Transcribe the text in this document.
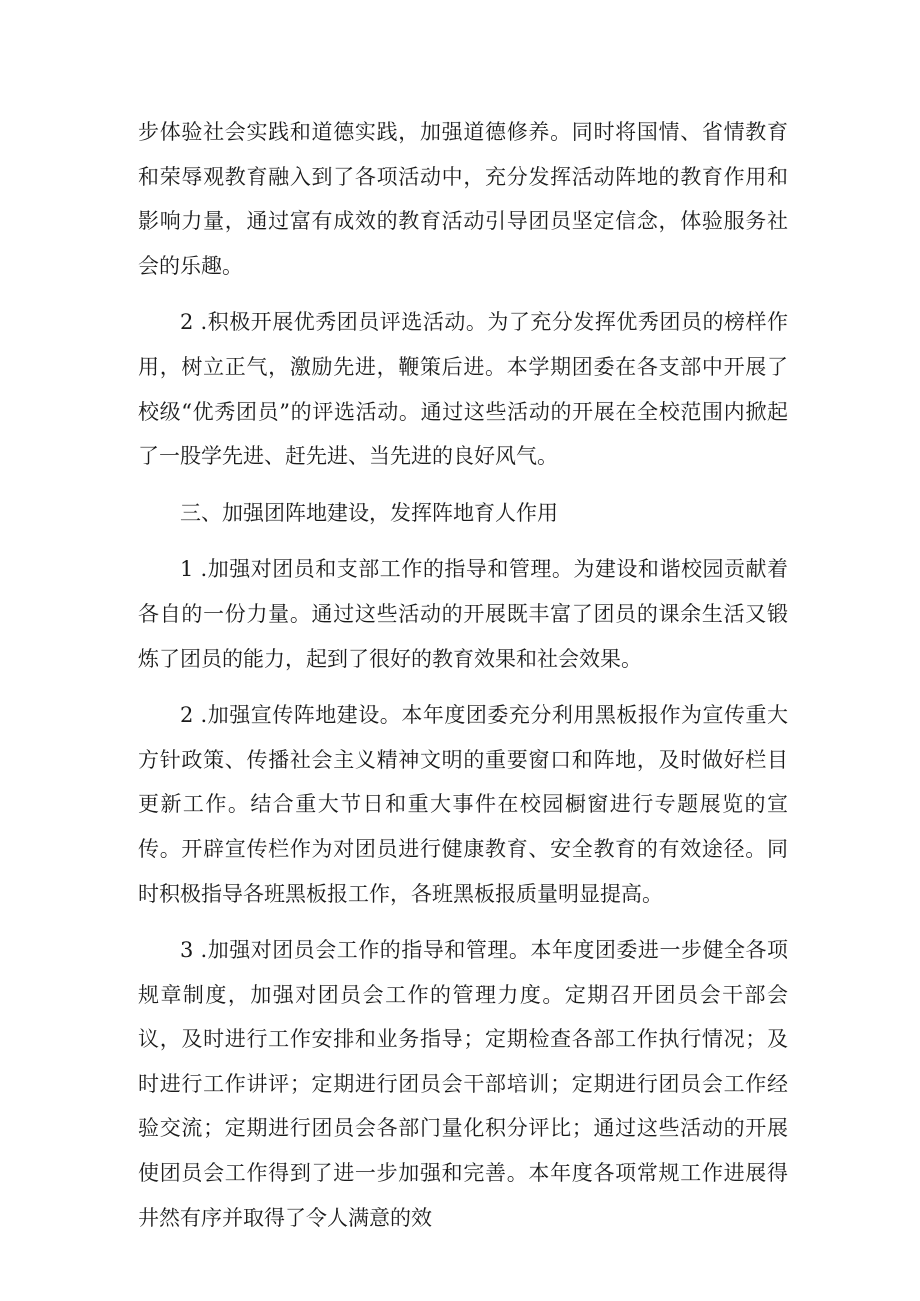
步体验社会实践和道德实践，加强道德修养。同时将国情、省情教育和荣辱观教育融入到了各项活动中，充分发挥活动阵地的教育作用和影响力量，通过富有成效的教育活动引导团员坚定信念，体验服务社会的乐趣。

2 .积极开展优秀团员评选活动。为了充分发挥优秀团员的榜样作用，树立正气，激励先进，鞭策后进。本学期团委在各支部中开展了校级“优秀团员”的评选活动。通过这些活动的开展在全校范围内掀起了一股学先进、赶先进、当先进的良好风气。

三、加强团阵地建设，发挥阵地育人作用

1 .加强对团员和支部工作的指导和管理。为建设和谐校园贡献着各自的一份力量。通过这些活动的开展既丰富了团员的课余生活又锻炼了团员的能力，起到了很好的教育效果和社会效果。

2 .加强宣传阵地建设。本年度团委充分利用黑板报作为宣传重大方针政策、传播社会主义精神文明的重要窗口和阵地，及时做好栏目更新工作。结合重大节日和重大事件在校园橱窗进行专题展览的宣传。开辟宣传栏作为对团员进行健康教育、安全教育的有效途径。同时积极指导各班黑板报工作，各班黑板报质量明显提高。

3 .加强对团员会工作的指导和管理。本年度团委进一步健全各项规章制度，加强对团员会工作的管理力度。定期召开团员会干部会议，及时进行工作安排和业务指导；定期检查各部工作执行情况；及时进行工作讲评；定期进行团员会干部培训；定期进行团员会工作经验交流；定期进行团员会各部门量化积分评比；通过这些活动的开展使团员会工作得到了进一步加强和完善。本年度各项常规工作进展得井然有序并取得了令人满意的效
